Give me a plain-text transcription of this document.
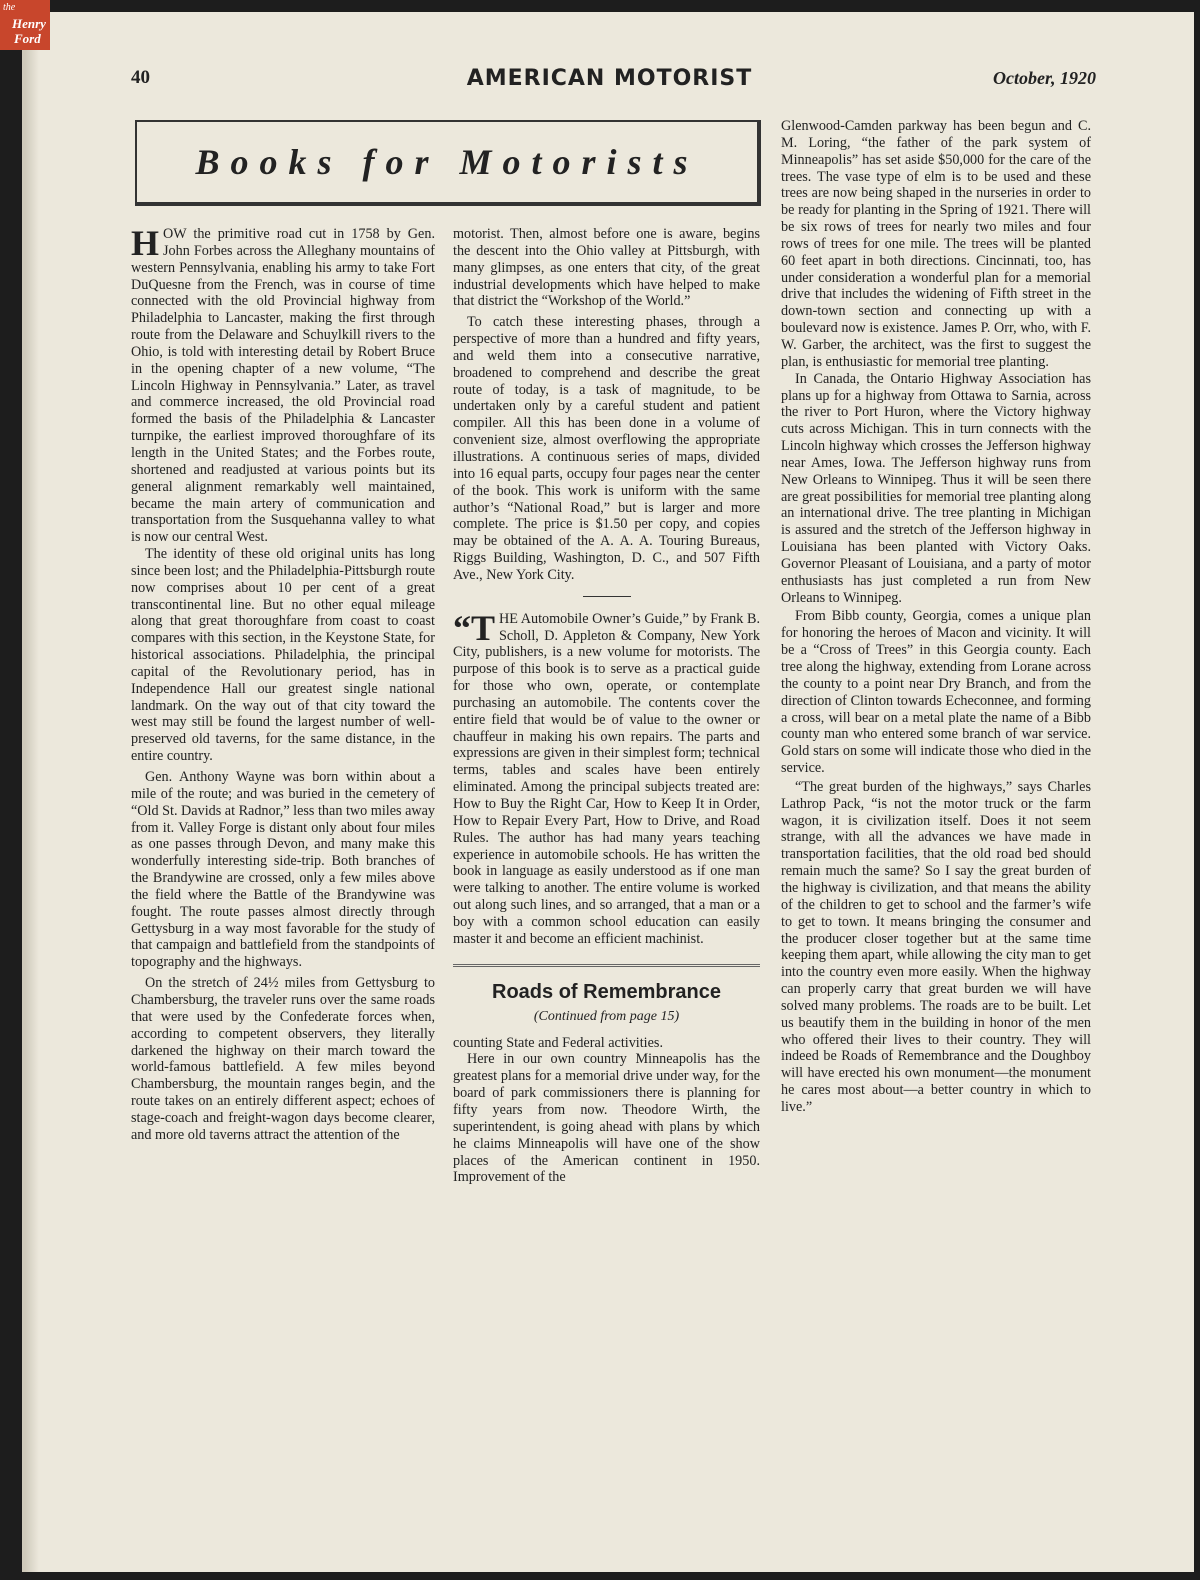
the
Henry
Ford
40	AMERICAN MOTORIST	October, 1920
Books for Motorists

HOW the primitive road cut in 1758 by Gen. John Forbes across the Alleghany mountains of western Pennsylvania, enabling his army to take Fort DuQuesne from the French, was in course of time connected with the old Provincial highway from Philadelphia to Lancaster, making the first through route from the Delaware and Schuylkill rivers to the Ohio, is told with interesting detail by Robert Bruce in the opening chapter of a new volume, “The Lincoln Highway in Pennsylvania.” Later, as travel and commerce increased, the old Provincial road formed the basis of the Philadelphia & Lancaster turnpike, the earliest improved thoroughfare of its length in the United States; and the Forbes route, shortened and readjusted at various points but its general alignment remarkably well maintained, became the main artery of communication and transportation from the Susquehanna valley to what is now our central West.

The identity of these old original units has long since been lost; and the Philadelphia-Pittsburgh route now comprises about 10 per cent of a great transcontinental line. But no other equal mileage along that great thoroughfare from coast to coast compares with this section, in the Keystone State, for historical associations. Philadelphia, the principal capital of the Revolutionary period, has in Independence Hall our greatest single national landmark. On the way out of that city toward the west may still be found the largest number of well-preserved old taverns, for the same distance, in the entire country.

Gen. Anthony Wayne was born within about a mile of the route; and was buried in the cemetery of “Old St. Davids at Radnor,” less than two miles away from it. Valley Forge is distant only about four miles as one passes through Devon, and many make this wonderfully interesting side-trip. Both branches of the Brandywine are crossed, only a few miles above the field where the Battle of the Brandywine was fought. The route passes almost directly through Gettysburg in a way most favorable for the study of that campaign and battlefield from the standpoints of topography and the highways.

On the stretch of 24½ miles from Gettysburg to Chambersburg, the traveler runs over the same roads that were used by the Confederate forces when, according to competent observers, they literally darkened the highway on their march toward the world-famous battlefield. A few miles beyond Chambersburg, the mountain ranges begin, and the route takes on an entirely different aspect; echoes of stage-coach and freight-wagon days become clearer, and more old taverns attract the attention of the

motorist. Then, almost before one is aware, begins the descent into the Ohio valley at Pittsburgh, with many glimpses, as one enters that city, of the great industrial developments which have helped to make that district the “Workshop of the World.”

To catch these interesting phases, through a perspective of more than a hundred and fifty years, and weld them into a consecutive narrative, broadened to comprehend and describe the great route of today, is a task of magnitude, to be undertaken only by a careful student and patient compiler. All this has been done in a volume of convenient size, almost overflowing the appropriate illustrations. A continuous series of maps, divided into 16 equal parts, occupy four pages near the center of the book. This work is uniform with the same author’s “National Road,” but is larger and more complete. The price is $1.50 per copy, and copies may be obtained of the A. A. A. Touring Bureaus, Riggs Building, Washington, D. C., and 507 Fifth Ave., New York City.

“THE Automobile Owner’s Guide,” by Frank B. Scholl, D. Appleton & Company, New York City, publishers, is a new volume for motorists. The purpose of this book is to serve as a practical guide for those who own, operate, or contemplate purchasing an automobile. The contents cover the entire field that would be of value to the owner or chauffeur in making his own repairs. The parts and expressions are given in their simplest form; technical terms, tables and scales have been entirely eliminated. Among the principal subjects treated are: How to Buy the Right Car, How to Keep It in Order, How to Repair Every Part, How to Drive, and Road Rules. The author has had many years teaching experience in automobile schools. He has written the book in language as easily understood as if one man were talking to another. The entire volume is worked out along such lines, and so arranged, that a man or a boy with a common school education can easily master it and become an efficient machinist.

Roads of Remembrance
(Continued from page 15)

counting State and Federal activities.

Here in our own country Minneapolis has the greatest plans for a memorial drive under way, for the board of park commissioners there is planning for fifty years from now. Theodore Wirth, the superintendent, is going ahead with plans by which he claims Minneapolis will have one of the show places of the American continent in 1950. Improvement of the

Glenwood-Camden parkway has been begun and C. M. Loring, “the father of the park system of Minneapolis” has set aside $50,000 for the care of the trees. The vase type of elm is to be used and these trees are now being shaped in the nurseries in order to be ready for planting in the Spring of 1921. There will be six rows of trees for nearly two miles and four rows of trees for one mile. The trees will be planted 60 feet apart in both directions. Cincinnati, too, has under consideration a wonderful plan for a memorial drive that includes the widening of Fifth street in the down-town section and connecting up with a boulevard now is existence. James P. Orr, who, with F. W. Garber, the architect, was the first to suggest the plan, is enthusiastic for memorial tree planting.

In Canada, the Ontario Highway Association has plans up for a highway from Ottawa to Sarnia, across the river to Port Huron, where the Victory highway cuts across Michigan. This in turn connects with the Lincoln highway which crosses the Jefferson highway near Ames, Iowa. The Jefferson highway runs from New Orleans to Winnipeg. Thus it will be seen there are great possibilities for memorial tree planting along an international drive. The tree planting in Michigan is assured and the stretch of the Jefferson highway in Louisiana has been planted with Victory Oaks. Governor Pleasant of Louisiana, and a party of motor enthusiasts has just completed a run from New Orleans to Winnipeg.

From Bibb county, Georgia, comes a unique plan for honoring the heroes of Macon and vicinity. It will be a “Cross of Trees” in this Georgia county. Each tree along the highway, extending from Lorane across the county to a point near Dry Branch, and from the direction of Clinton towards Echeconnee, and forming a cross, will bear on a metal plate the name of a Bibb county man who entered some branch of war service. Gold stars on some will indicate those who died in the service.

“The great burden of the highways,” says Charles Lathrop Pack, “is not the motor truck or the farm wagon, it is civilization itself. Does it not seem strange, with all the advances we have made in transportation facilities, that the old road bed should remain much the same? So I say the great burden of the highway is civilization, and that means the ability of the children to get to school and the farmer’s wife to get to town. It means bringing the consumer and the producer closer together but at the same time keeping them apart, while allowing the city man to get into the country even more easily. When the highway can properly carry that great burden we will have solved many problems. The roads are to be built. Let us beautify them in the building in honor of the men who offered their lives to their country. They will indeed be Roads of Remembrance and the Doughboy will have erected his own monument—the monument he cares most about—a better country in which to live.”
